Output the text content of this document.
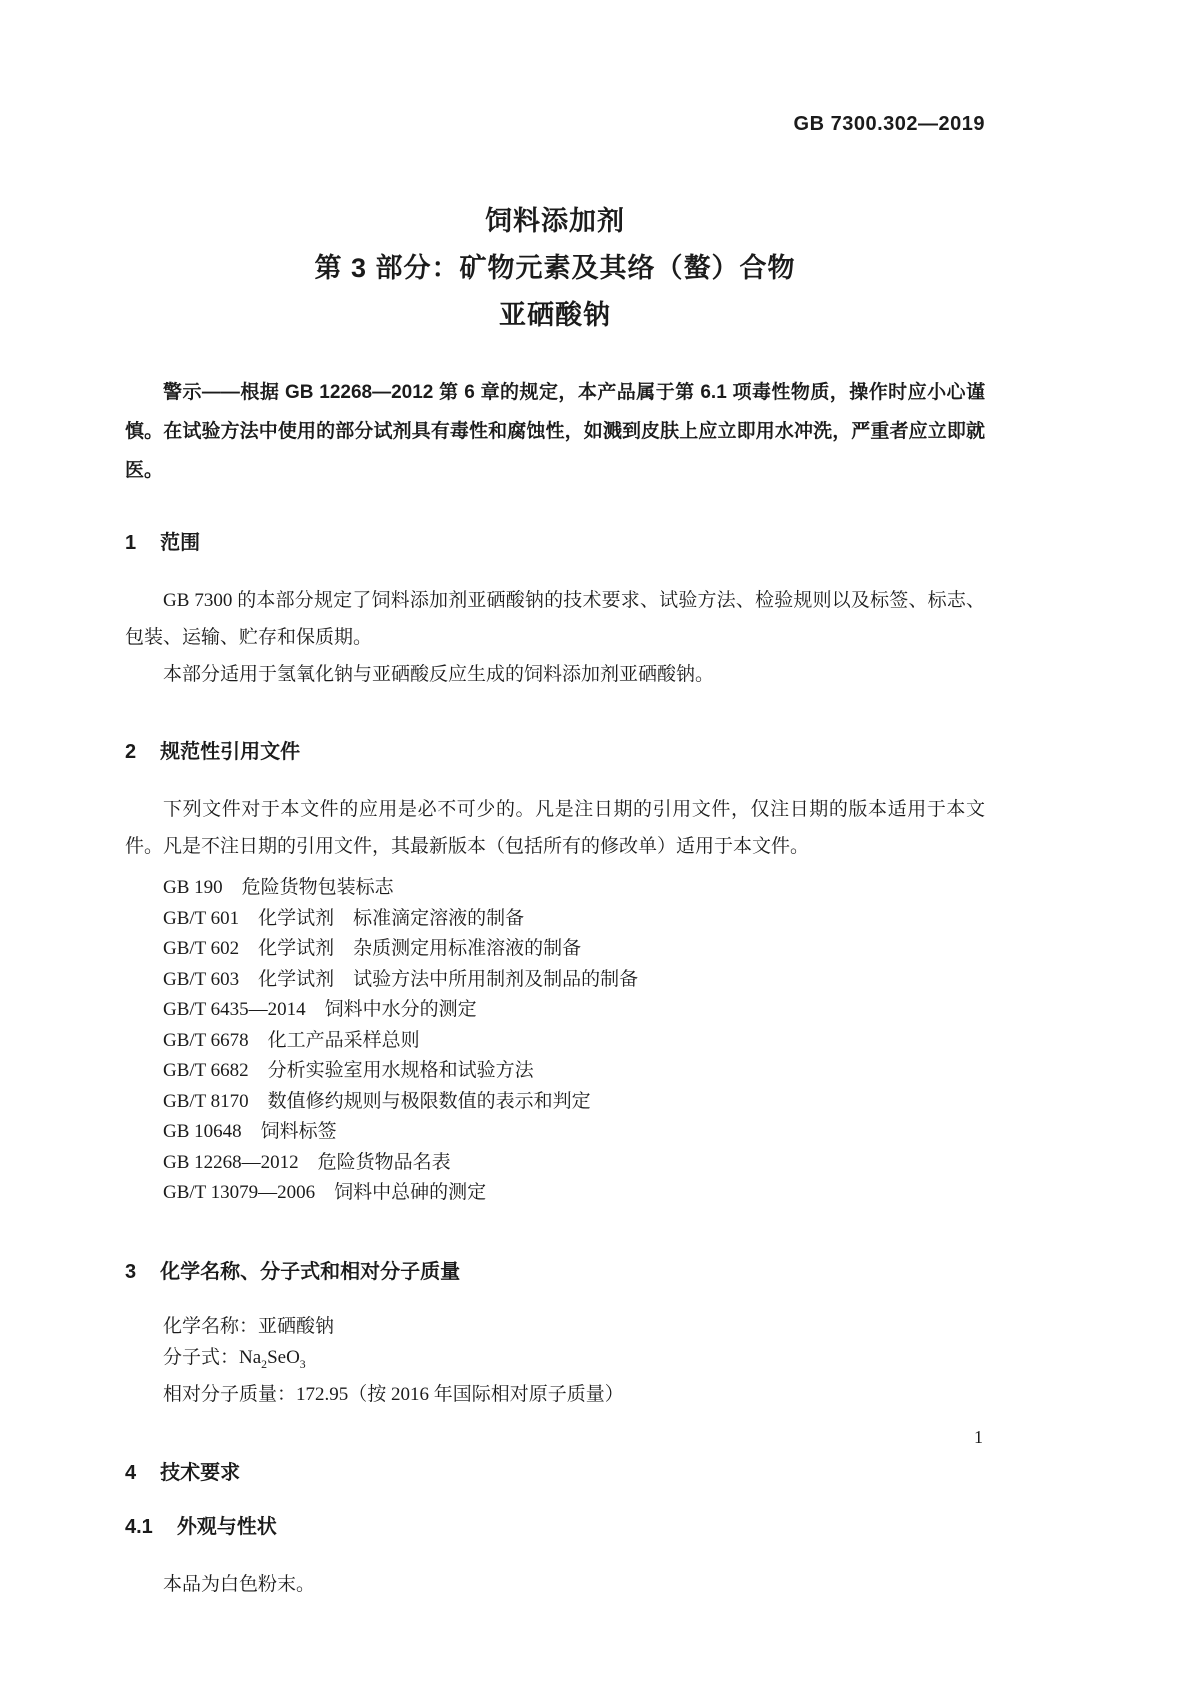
GB 7300.302—2019
饲料添加剂
第 3 部分：矿物元素及其络（螯）合物
亚硒酸钠

警示——根据 GB 12268—2012 第 6 章的规定，本产品属于第 6.1 项毒性物质，操作时应小心谨慎。在试验方法中使用的部分试剂具有毒性和腐蚀性，如溅到皮肤上应立即用水冲洗，严重者应立即就医。

1 范围

GB 7300 的本部分规定了饲料添加剂亚硒酸钠的技术要求、试验方法、检验规则以及标签、标志、包装、运输、贮存和保质期。

本部分适用于氢氧化钠与亚硒酸反应生成的饲料添加剂亚硒酸钠。

2 规范性引用文件

下列文件对于本文件的应用是必不可少的。凡是注日期的引用文件，仅注日期的版本适用于本文件。凡是不注日期的引用文件，其最新版本（包括所有的修改单）适用于本文件。

GB 190　危险货物包装标志
GB/T 601　化学试剂　标准滴定溶液的制备
GB/T 602　化学试剂　杂质测定用标准溶液的制备
GB/T 603　化学试剂　试验方法中所用制剂及制品的制备
GB/T 6435—2014　饲料中水分的测定
GB/T 6678　化工产品采样总则
GB/T 6682　分析实验室用水规格和试验方法
GB/T 8170　数值修约规则与极限数值的表示和判定
GB 10648　饲料标签
GB 12268—2012　危险货物品名表
GB/T 13079—2006　饲料中总砷的测定
3 化学名称、分子式和相对分子质量

化学名称：亚硒酸钠

分子式：$Na_2SeO_3$

相对分子质量：172.95（按 2016 年国际相对原子质量）

4 技术要求
4.1 外观与性状

本品为白色粉末。

1
